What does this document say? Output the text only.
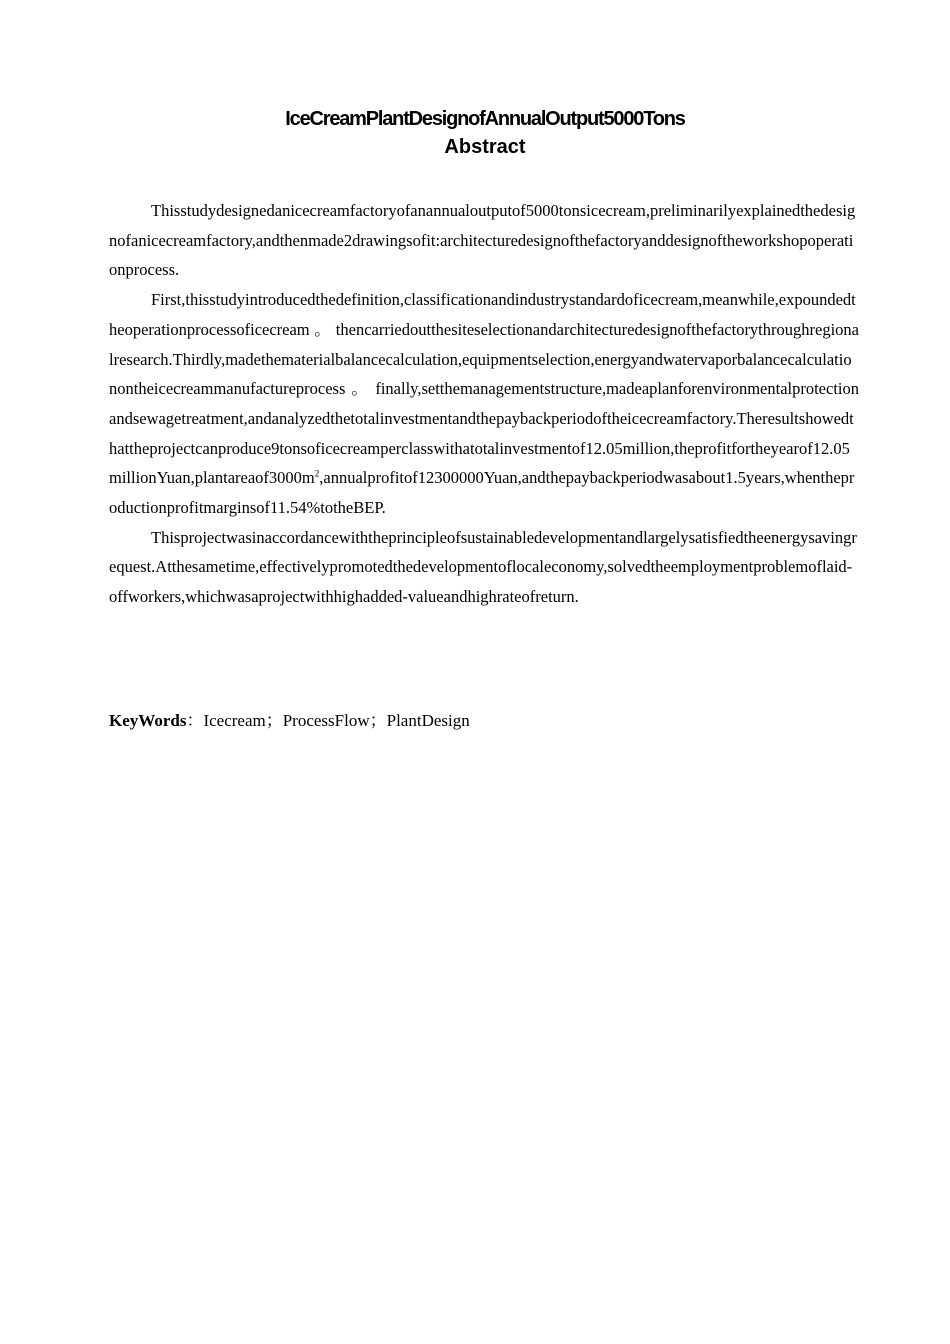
IceCreamPlantDesignofAnnualOutput5000Tons
Abstract

Thisstudydesignedanicecreamfactoryofanannualoutputof5000tonsicecream,preliminarilyexplainedthedesignofanicecreamfactory,andthenmade2drawingsofit:architecturedesignofthefactoryanddesignoftheworkshopoperationprocess.

First,thisstudyintroducedthedefinition,classificationandindustrystandardoficecream,meanwhile,expoundedtheoperationprocessoficecream 。 thencarriedoutthesiteselectionandarchitecturedesignofthefactorythroughregionalresearch.Thirdly,madethematerialbalancecalculation,equipmentselection,energyandwatervaporbalancecalculationontheicecreammanufactureprocess 。 finally,setthemanagementstructure,madeaplanforenvironmentalprotectionandsewagetreatment,andanalyzedthetotalinvestmentandthepaybackperiodoftheicecreamfactory.Theresultshowedthattheprojectcanproduce9tonsoficecreamperclasswithatotalinvestmento$f12.05million,theprofitfortheyearof12.05millionYuan,plantareaof3000m^2,annualprofitof12300000Yuan,andthepaybackperiodwasa$bout1.5years,whentheproductionprofitmarginsof11.54%totheBEP.

Thisprojectwasinaccordancewiththeprincipleofsustainabledevelopmentandlargelysatisfiedtheenergysavingrequest.Atthesametime,effectivelypromotedthedevelopmentoflocaleconomy,solvedtheemploymentproblemoflaid-offworkers,whichwasaprojectwithhighadded-valueandhighrateofreturn.

KeyWords：Icecream；ProcessFlow；PlantDesign
